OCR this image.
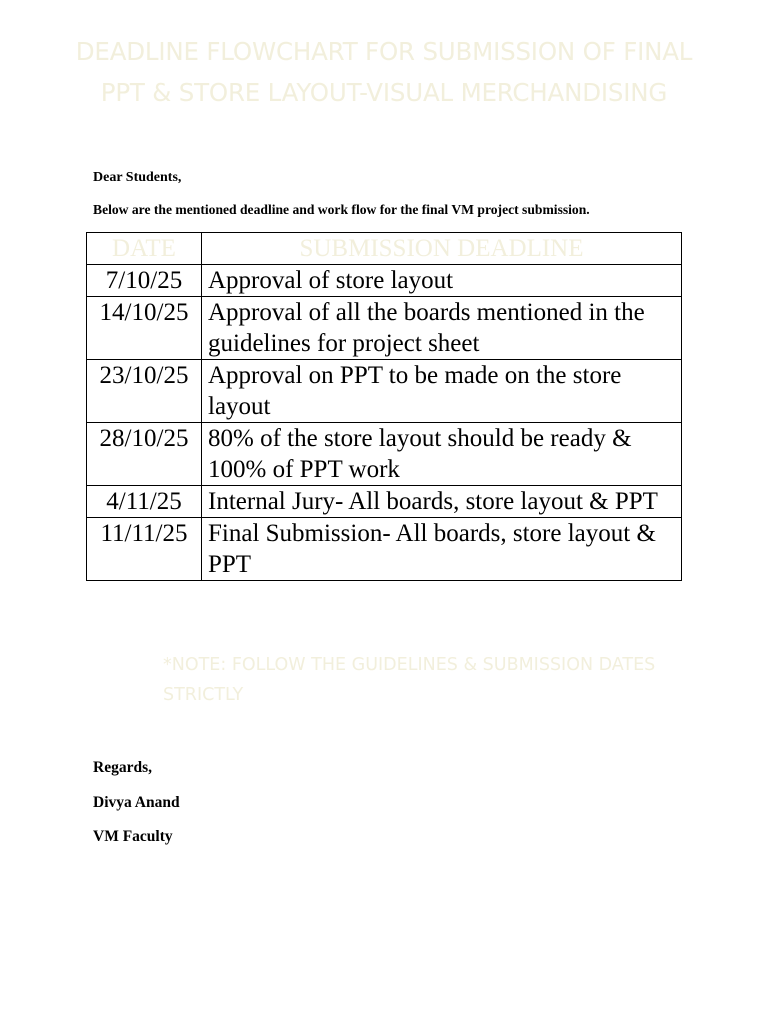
DEADLINE FLOWCHART FOR SUBMISSION OF FINAL PPT & STORE LAYOUT-VISUAL MERCHANDISING
Dear Students,
Below are the mentioned deadline and work flow for the final VM project submission.
DATE	SUBMISSION DEADLINE
7/10/25	Approval of store layout
14/10/25	Approval of all the boards mentioned in the guidelines for project sheet
23/10/25	Approval on PPT to be made on the store layout
28/10/25	80% of the store layout should be ready & 100% of PPT work
4/11/25	Internal Jury- All boards, store layout & PPT
11/11/25	Final Submission- All boards, store layout & PPT
*NOTE: FOLLOW THE GUIDELINES & SUBMISSION DATES STRICTLY
Regards,
Divya Anand
VM Faculty
